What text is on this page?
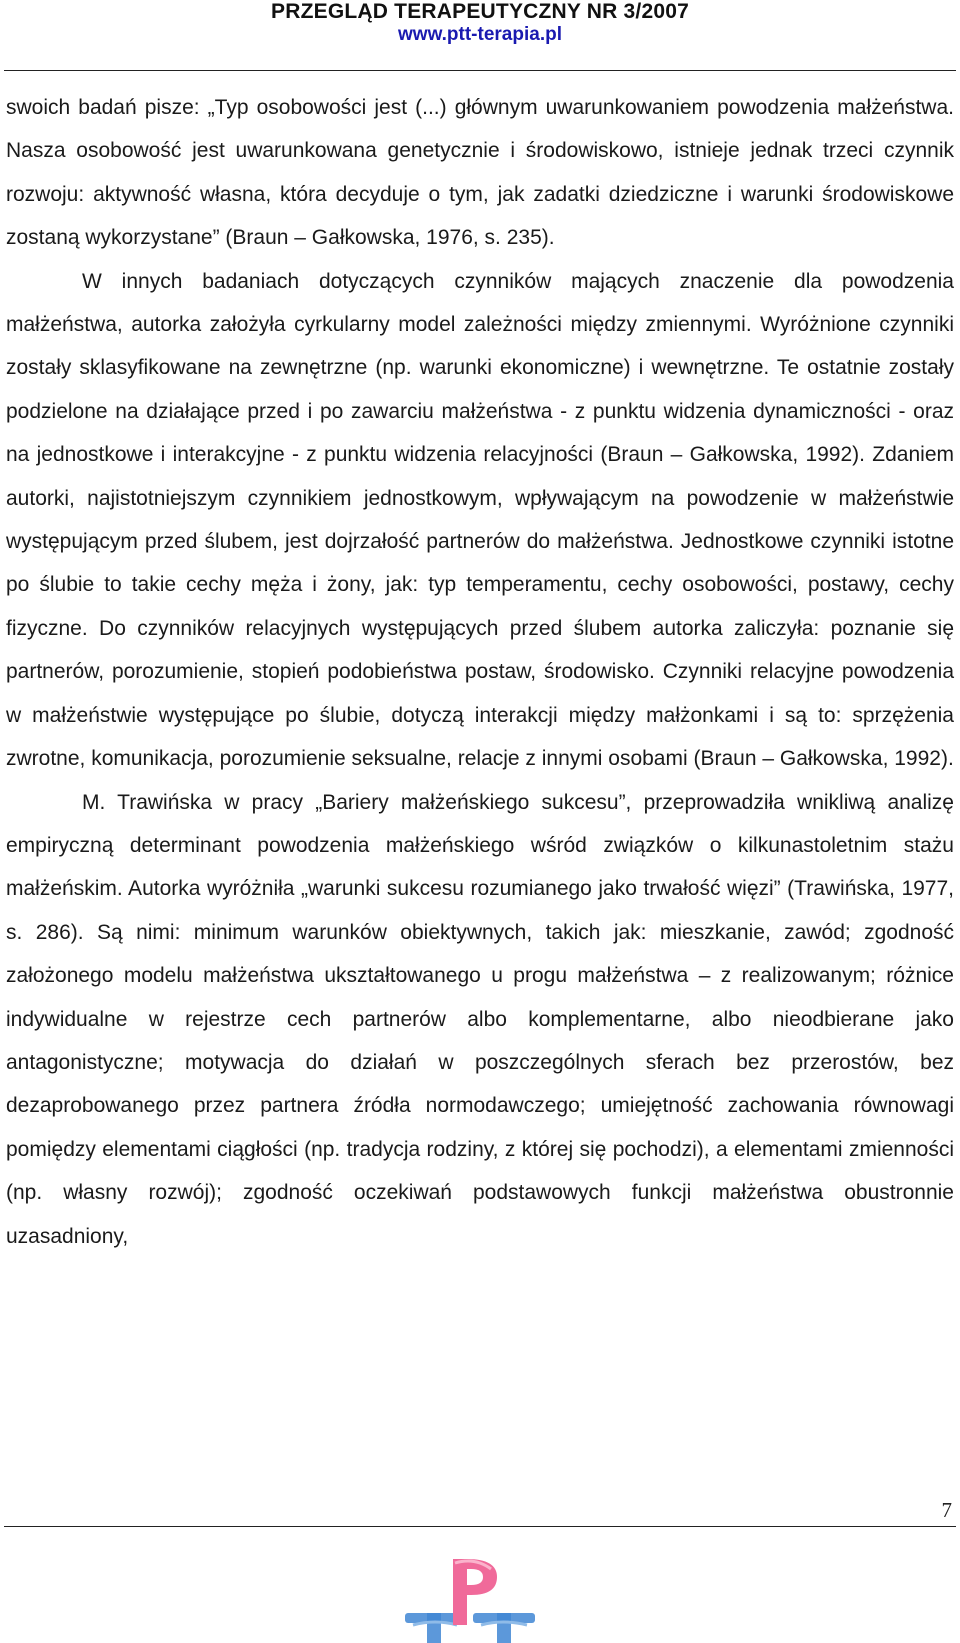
PRZEGLĄD TERAPEUTYCZNY NR 3/2007
www.ptt-terapia.pl

swoich badań pisze: „Typ osobowości jest (...) głównym uwarunkowaniem powodzenia małżeństwa. Nasza osobowość jest uwarunkowana genetycznie i środowiskowo, istnieje jednak trzeci czynnik rozwoju: aktywność własna, która decyduje o tym, jak zadatki dziedziczne i warunki środowiskowe zostaną wykorzystane” (Braun – Gałkowska, 1976, s. 235).

W innych badaniach dotyczących czynników mających znaczenie dla powodzenia małżeństwa, autorka założyła cyrkularny model zależności między zmiennymi. Wyróżnione czynniki zostały sklasyfikowane na zewnętrzne (np. warunki ekonomiczne) i wewnętrzne. Te ostatnie zostały podzielone na działające przed i po zawarciu małżeństwa - z punktu widzenia dynamiczności - oraz na jednostkowe i interakcyjne - z punktu widzenia relacyjności (Braun – Gałkowska, 1992). Zdaniem autorki, najistotniejszym czynnikiem jednostkowym, wpływającym na powodzenie w małżeństwie występującym przed ślubem, jest dojrzałość partnerów do małżeństwa. Jednostkowe czynniki istotne po ślubie to takie cechy męża i żony, jak: typ temperamentu, cechy osobowości, postawy, cechy fizyczne. Do czynników relacyjnych występujących przed ślubem autorka zaliczyła: poznanie się partnerów, porozumienie, stopień podobieństwa postaw, środowisko. Czynniki relacyjne powodzenia w małżeństwie występujące po ślubie, dotyczą interakcji między małżonkami i są to: sprzężenia zwrotne, komunikacja, porozumienie seksualne, relacje z innymi osobami (Braun – Gałkowska, 1992).

M. Trawińska w pracy „Bariery małżeńskiego sukcesu”, przeprowadziła wnikliwą analizę empiryczną determinant powodzenia małżeńskiego wśród związków o kilkunastoletnim stażu małżeńskim. Autorka wyróżniła „warunki sukcesu rozumianego jako trwałość więzi” (Trawińska, 1977, s. 286). Są nimi: minimum warunków obiektywnych, takich jak: mieszkanie, zawód; zgodność założonego modelu małżeństwa ukształtowanego u progu małżeństwa – z realizowanym; różnice indywidualne w rejestrze cech partnerów albo komplementarne, albo nieodbierane jako antagonistyczne; motywacja do działań w poszczególnych sferach bez przerostów, bez dezaprobowanego przez partnera źródła normodawczego; umiejętność zachowania równowagi pomiędzy elementami ciągłości (np. tradycja rodziny, z której się pochodzi), a elementami zmienności (np. własny rozwój); zgodność oczekiwań podstawowych funkcji małżeństwa obustronnie uzasadniony,

7
